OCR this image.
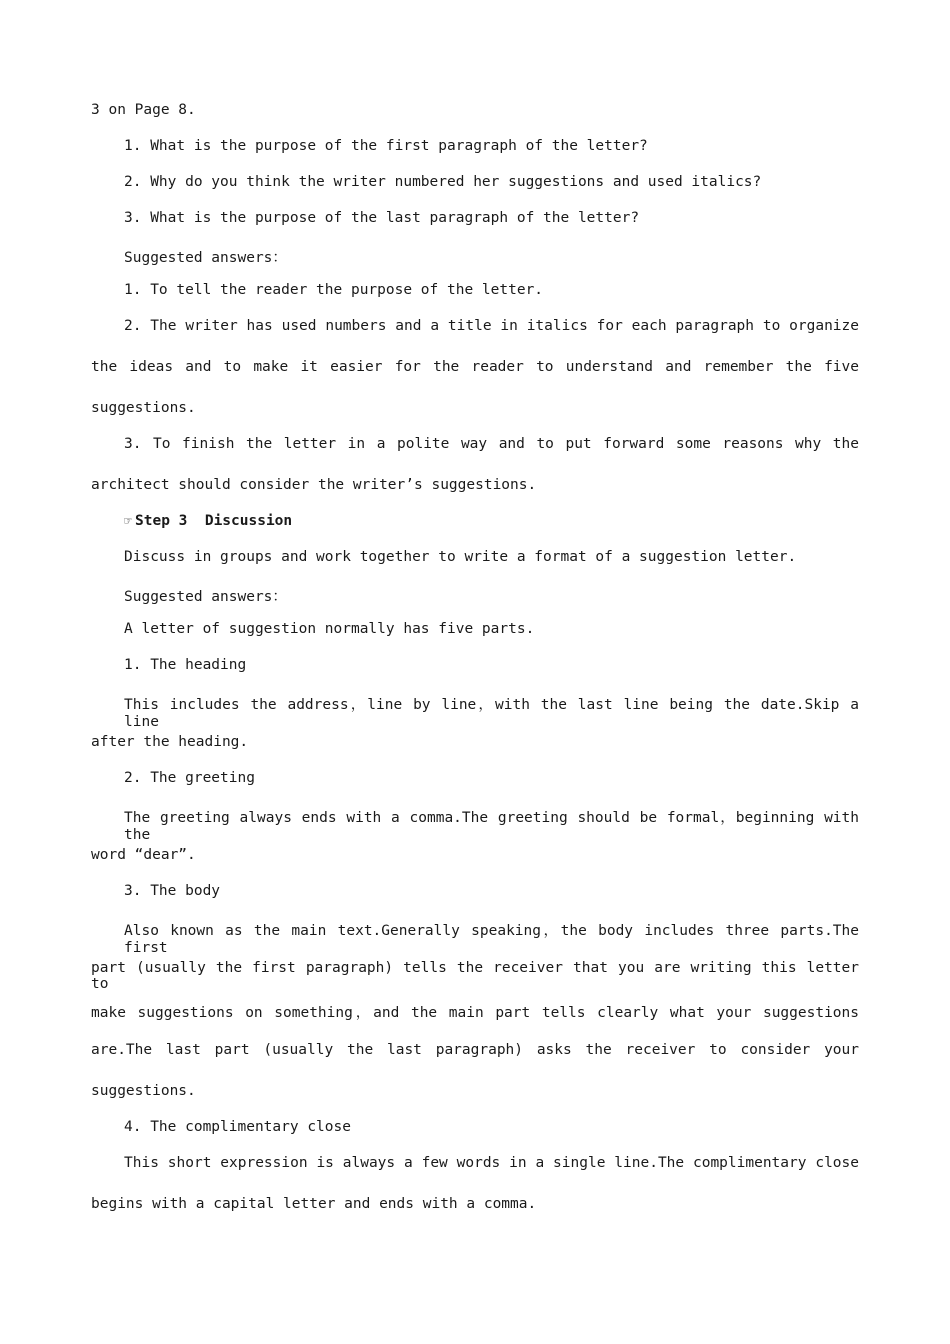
3 on Page 8.
1. What is the purpose of the first paragraph of the letter?
2. Why do you think the writer numbered her suggestions and used italics?
3. What is the purpose of the last paragraph of the letter?
Suggested answers：
1. To tell the reader the purpose of the letter.
2. The writer has used numbers and a title in italics for each paragraph to organize
the ideas and to make it easier for the reader to understand and remember the five
suggestions.
3. To finish the letter in a polite way and to put forward some reasons why the
architect should consider the writer’s suggestions.
☞ Step 3  Discussion
Discuss in groups and work together to write a format of a suggestion letter.
Suggested answers：
A letter of suggestion normally has five parts.
1. The heading
This includes the address，line by line，with the last line being the date.Skip a line
after the heading.
2. The greeting
The greeting always ends with a comma.The greeting should be formal，beginning with the
word “dear”.
3. The body
Also known as the main text.Generally speaking，the body includes three parts.The first
part (usually the first paragraph) tells the receiver that you are writing this letter to
make suggestions on something，and the main part tells clearly what your suggestions
are.The last part (usually the last paragraph) asks the receiver to consider your
suggestions.
4. The complimentary close
This short expression is always a few words in a single line.The complimentary close
begins with a capital letter and ends with a comma.
